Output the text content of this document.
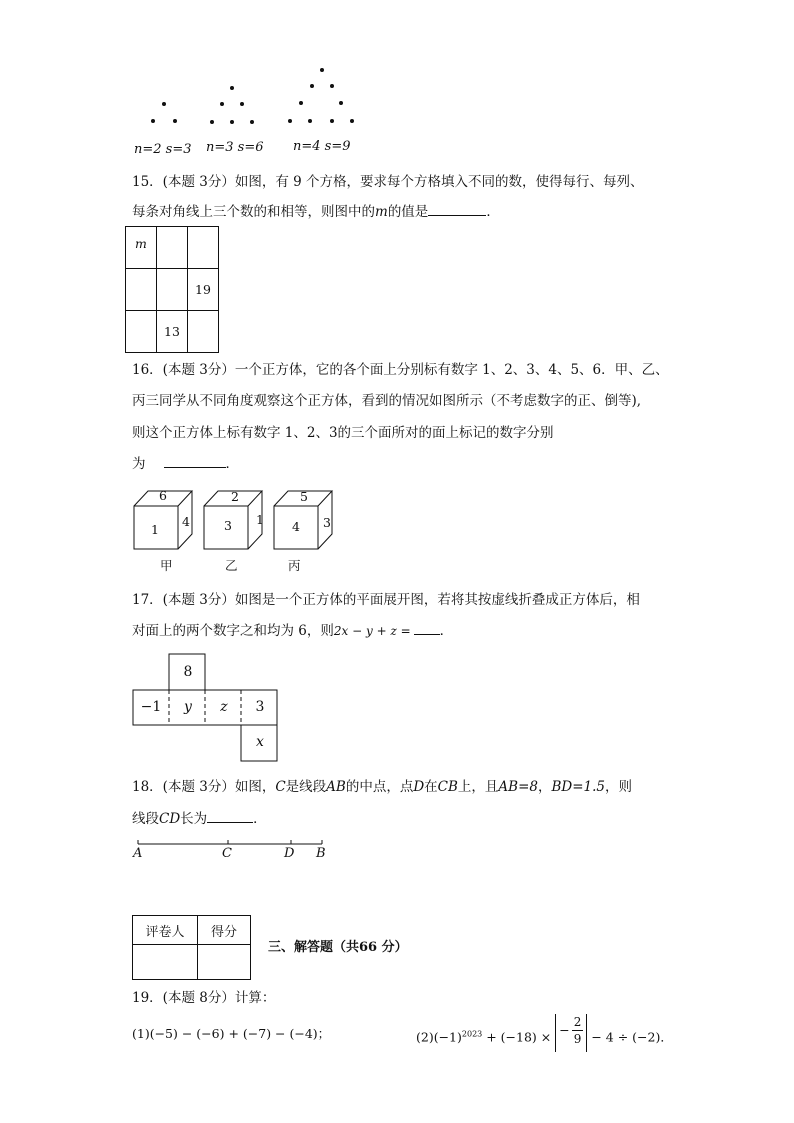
n=2 s=3 n=3 s=6 n=4 s=9
15．(本题 3分）如图，有 9 个方格，要求每个方格填入不同的数，使得每行、每列、
每条对角线上三个数的和相等，则图中的m的值是	．
m		
		19
	13	
16．(本题 3分）一个正方体，它的各个面上分别标有数字 1、2、3、4、5、6．甲、乙、
丙三同学从不同角度观察这个正方体，看到的情况如图所示（不考虑数字的正、倒等),
则这个正方体上标有数字 1、2、3的三个面所对的面上标记的数字分别
为	．
6
1
4
甲
2
3 1
乙
5
4 3
丙
17．(本题 3分）如图是一个正方体的平面展开图，若将其按虚线折叠成正方体后，相
对面上的两个数字之和均为 6，则2x − y + z = ．
8
−1	y	z	3
x
18．(本题 3分）如图，C是线段AB的中点，点D在CB上，且AB=8，BD=1.5，则
线段CD长为	．
A	C	D B
评卷人	得分

三、解答题（共66 分）
19．(本题 8分）计算：
(1)(−5) − (−6) + (−7) − (−4)；	$(2)(-1)^{2023} + (-18)$ × − $\frac{2}{9} - 4 \div (-2)$．
